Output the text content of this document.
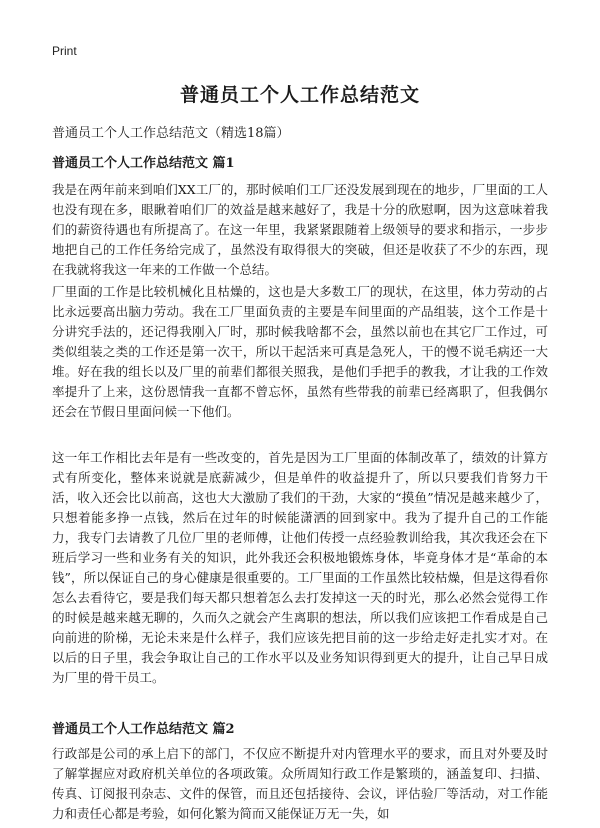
Print
普通员工个人工作总结范文
普通员工个人工作总结范文（精选18篇）
普通员工个人工作总结范文 篇1

我是在两年前来到咱们XX工厂的，那时候咱们工厂还没发展到现在的地步，厂里面的工人也没有现在多，眼瞅着咱们厂的效益是越来越好了，我是十分的欣慰啊，因为这意味着我们的薪资待遇也有所提高了。在这一年里，我紧紧跟随着上级领导的要求和指示，一步步地把自己的工作任务给完成了，虽然没有取得很大的突破，但还是收获了不少的东西，现在我就将我这一年来的工作做一个总结。

厂里面的工作是比较机械化且枯燥的，这也是大多数工厂的现状，在这里，体力劳动的占比永远要高出脑力劳动。我在工厂里面负责的主要是车间里面的产品组装，这个工作是十分讲究手法的，还记得我刚入厂时，那时候我啥都不会，虽然以前也在其它厂工作过，可类似组装之类的工作还是第一次干，所以干起活来可真是急死人，干的慢不说毛病还一大堆。好在我的组长以及厂里的前辈们都很关照我，是他们手把手的教我，才让我的工作效率提升了上来，这份恩情我一直都不曾忘怀，虽然有些带我的前辈已经离职了，但我偶尔还会在节假日里面问候一下他们。

这一年工作相比去年是有一些改变的，首先是因为工厂里面的体制改革了，绩效的计算方式有所变化，整体来说就是底薪减少，但是单件的收益提升了，所以只要我们肯努力干活，收入还会比以前高，这也大大激励了我们的干劲，大家的“摸鱼”情况是越来越少了，只想着能多挣一点钱，然后在过年的时候能潇洒的回到家中。我为了提升自己的工作能力，我专门去请教了几位厂里的老师傅，让他们传授一点经验教训给我，其次我还会在下班后学习一些和业务有关的知识，此外我还会积极地锻炼身体，毕竟身体才是“革命的本钱”，所以保证自己的身心健康是很重要的。工厂里面的工作虽然比较枯燥，但是这得看你怎么去看待它，要是我们每天都只想着怎么去打发掉这一天的时光，那么必然会觉得工作的时候是越来越无聊的，久而久之就会产生离职的想法，所以我们应该把工作看成是自己向前进的阶梯，无论未来是什么样子，我们应该先把目前的这一步给走好走扎实才对。在以后的日子里，我会争取让自己的工作水平以及业务知识得到更大的提升，让自己早日成为厂里的骨干员工。

普通员工个人工作总结范文 篇2

行政部是公司的承上启下的部门，不仅应不断提升对内管理水平的要求，而且对外要及时了解掌握应对政府机关单位的各项政策。众所周知行政工作是繁琐的，涵盖复印、扫描、传真、订阅报刊杂志、文件的保管，而且还包括接待、会议，评估验厂等活动，对工作能力和责任心都是考验，如何化繁为简而又能保证万无一失，如
